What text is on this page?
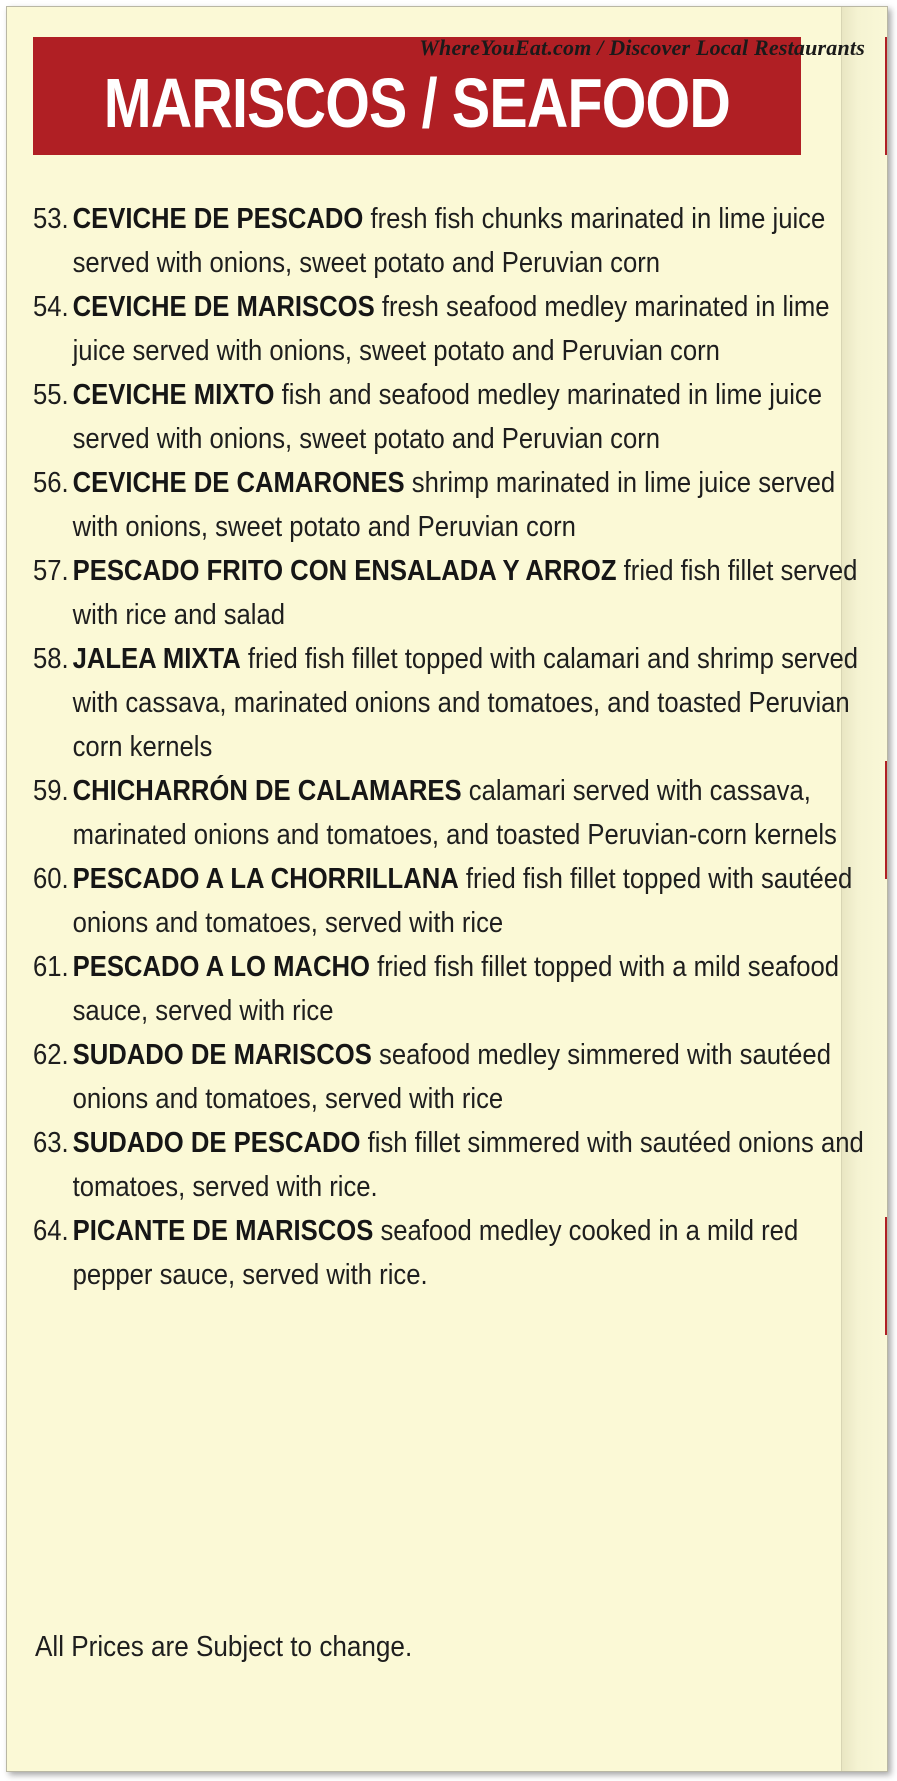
WhereYouEat.com / Discover Local Restaurants
MARISCOS / SEAFOOD
53. CEVICHE DE PESCADO fresh fish chunks marinated in lime juice served with onions, sweet potato and Peruvian corn
54. CEVICHE DE MARISCOS fresh seafood medley marinated in lime juice served with onions, sweet potato and Peruvian corn
55. CEVICHE MIXTO fish and seafood medley marinated in lime juice served with onions, sweet potato and Peruvian corn
56. CEVICHE DE CAMARONES shrimp marinated in lime juice served with onions, sweet potato and Peruvian corn
57. PESCADO FRITO CON ENSALADA Y ARROZ fried fish fillet served with rice and salad
58. JALEA MIXTA fried fish fillet topped with calamari and shrimp served with cassava, marinated onions and tomatoes, and toasted Peruvian corn kernels
59. CHICHARRÓN DE CALAMARES calamari served with cassava, marinated onions and tomatoes, and toasted Peruvian-corn kernels
60. PESCADO A LA CHORRILLANA fried fish fillet topped with sautéed onions and tomatoes, served with rice
61. PESCADO A LO MACHO fried fish fillet topped with a mild seafood sauce, served with rice
62. SUDADO DE MARISCOS seafood medley simmered with sautéed onions and tomatoes, served with rice
63. SUDADO DE PESCADO fish fillet simmered with sautéed onions and tomatoes, served with rice.
64. PICANTE DE MARISCOS seafood medley cooked in a mild red pepper sauce, served with rice.
All Prices are Subject to change.
